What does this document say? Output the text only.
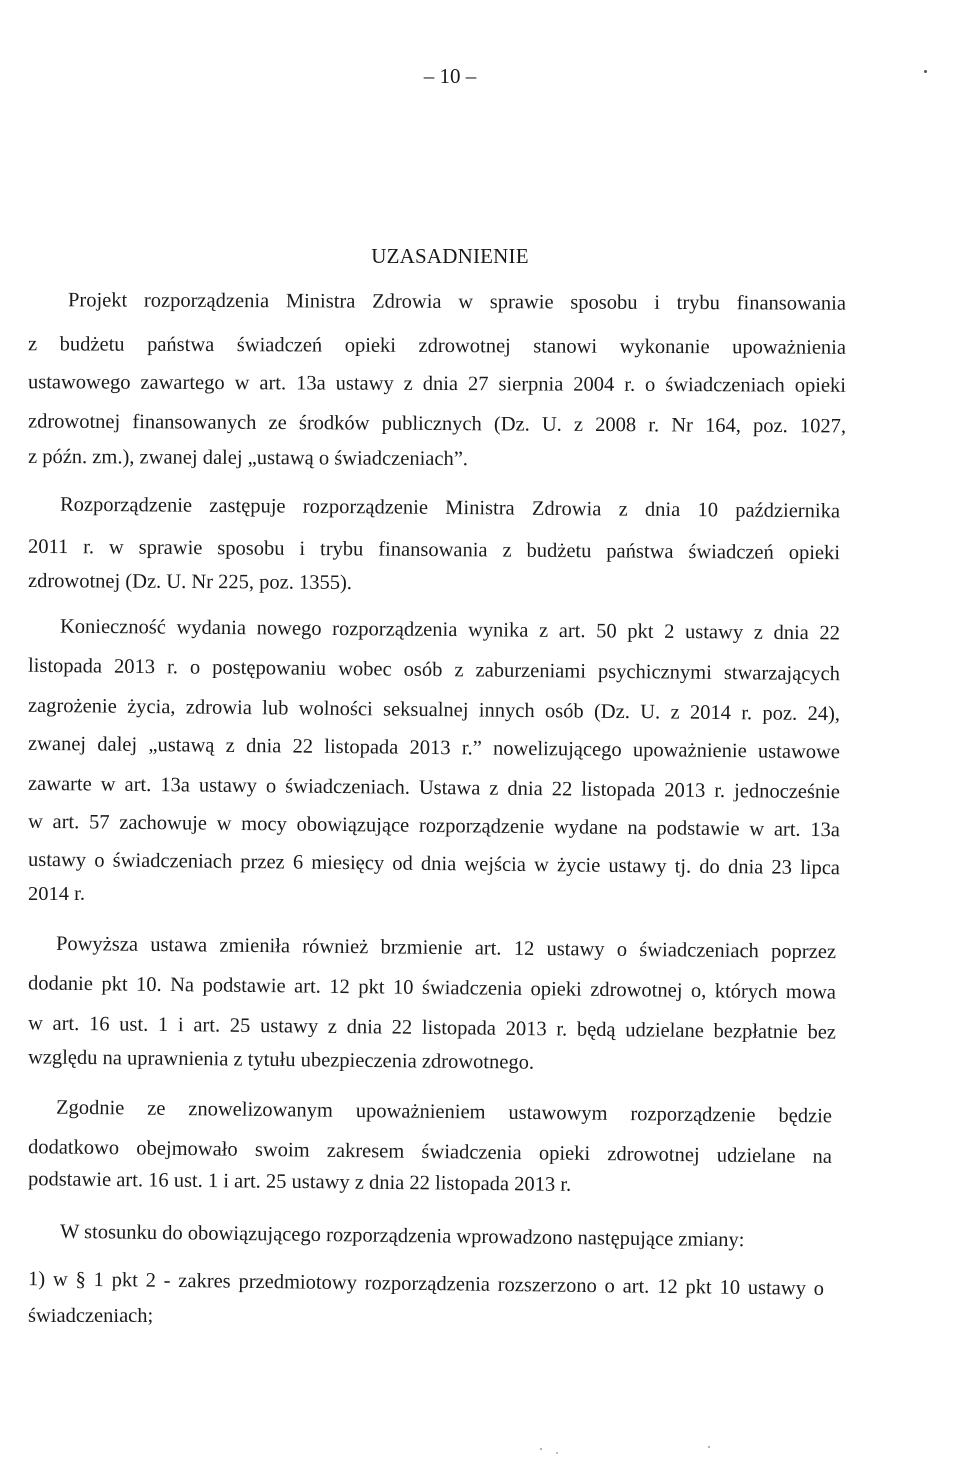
– 10 –
UZASADNIENIE
Projekt rozporządzenia Ministra Zdrowia w sprawie sposobu i trybu finansowania
z budżetu państwa świadczeń opieki zdrowotnej stanowi wykonanie upoważnienia
ustawowego zawartego w art. 13a ustawy z dnia 27 sierpnia 2004 r. o świadczeniach opieki
zdrowotnej finansowanych ze środków publicznych (Dz. U. z 2008 r. Nr 164, poz. 1027,
z późn. zm.), zwanej dalej „ustawą o świadczeniach”.
Rozporządzenie zastępuje rozporządzenie Ministra Zdrowia z dnia 10 października
2011 r. w sprawie sposobu i trybu finansowania z budżetu państwa świadczeń opieki
zdrowotnej (Dz. U. Nr 225, poz. 1355).
Konieczność wydania nowego rozporządzenia wynika z art. 50 pkt 2 ustawy z dnia 22
listopada 2013 r. o postępowaniu wobec osób z zaburzeniami psychicznymi stwarzających
zagrożenie życia, zdrowia lub wolności seksualnej innych osób (Dz. U. z 2014 r. poz. 24),
zwanej dalej „ustawą z dnia 22 listopada 2013 r.” nowelizującego upoważnienie ustawowe
zawarte w art. 13a ustawy o świadczeniach. Ustawa z dnia 22 listopada 2013 r. jednocześnie
w art. 57 zachowuje w mocy obowiązujące rozporządzenie wydane na podstawie w art. 13a
ustawy o świadczeniach przez 6 miesięcy od dnia wejścia w życie ustawy tj. do dnia 23 lipca
2014 r.
Powyższa ustawa zmieniła również brzmienie art. 12 ustawy o świadczeniach poprzez
dodanie pkt 10. Na podstawie art. 12 pkt 10 świadczenia opieki zdrowotnej o, których mowa
w art. 16 ust. 1 i art. 25 ustawy z dnia 22 listopada 2013 r. będą udzielane bezpłatnie bez
względu na uprawnienia z tytułu ubezpieczenia zdrowotnego.
Zgodnie ze znowelizowanym upoważnieniem ustawowym rozporządzenie będzie
dodatkowo obejmowało swoim zakresem świadczenia opieki zdrowotnej udzielane na
podstawie art. 16 ust. 1 i art. 25 ustawy z dnia 22 listopada 2013 r.
W stosunku do obowiązującego rozporządzenia wprowadzono następujące zmiany:
1) w § 1 pkt 2 - zakres przedmiotowy rozporządzenia rozszerzono o art. 12 pkt 10 ustawy o
świadczeniach;
